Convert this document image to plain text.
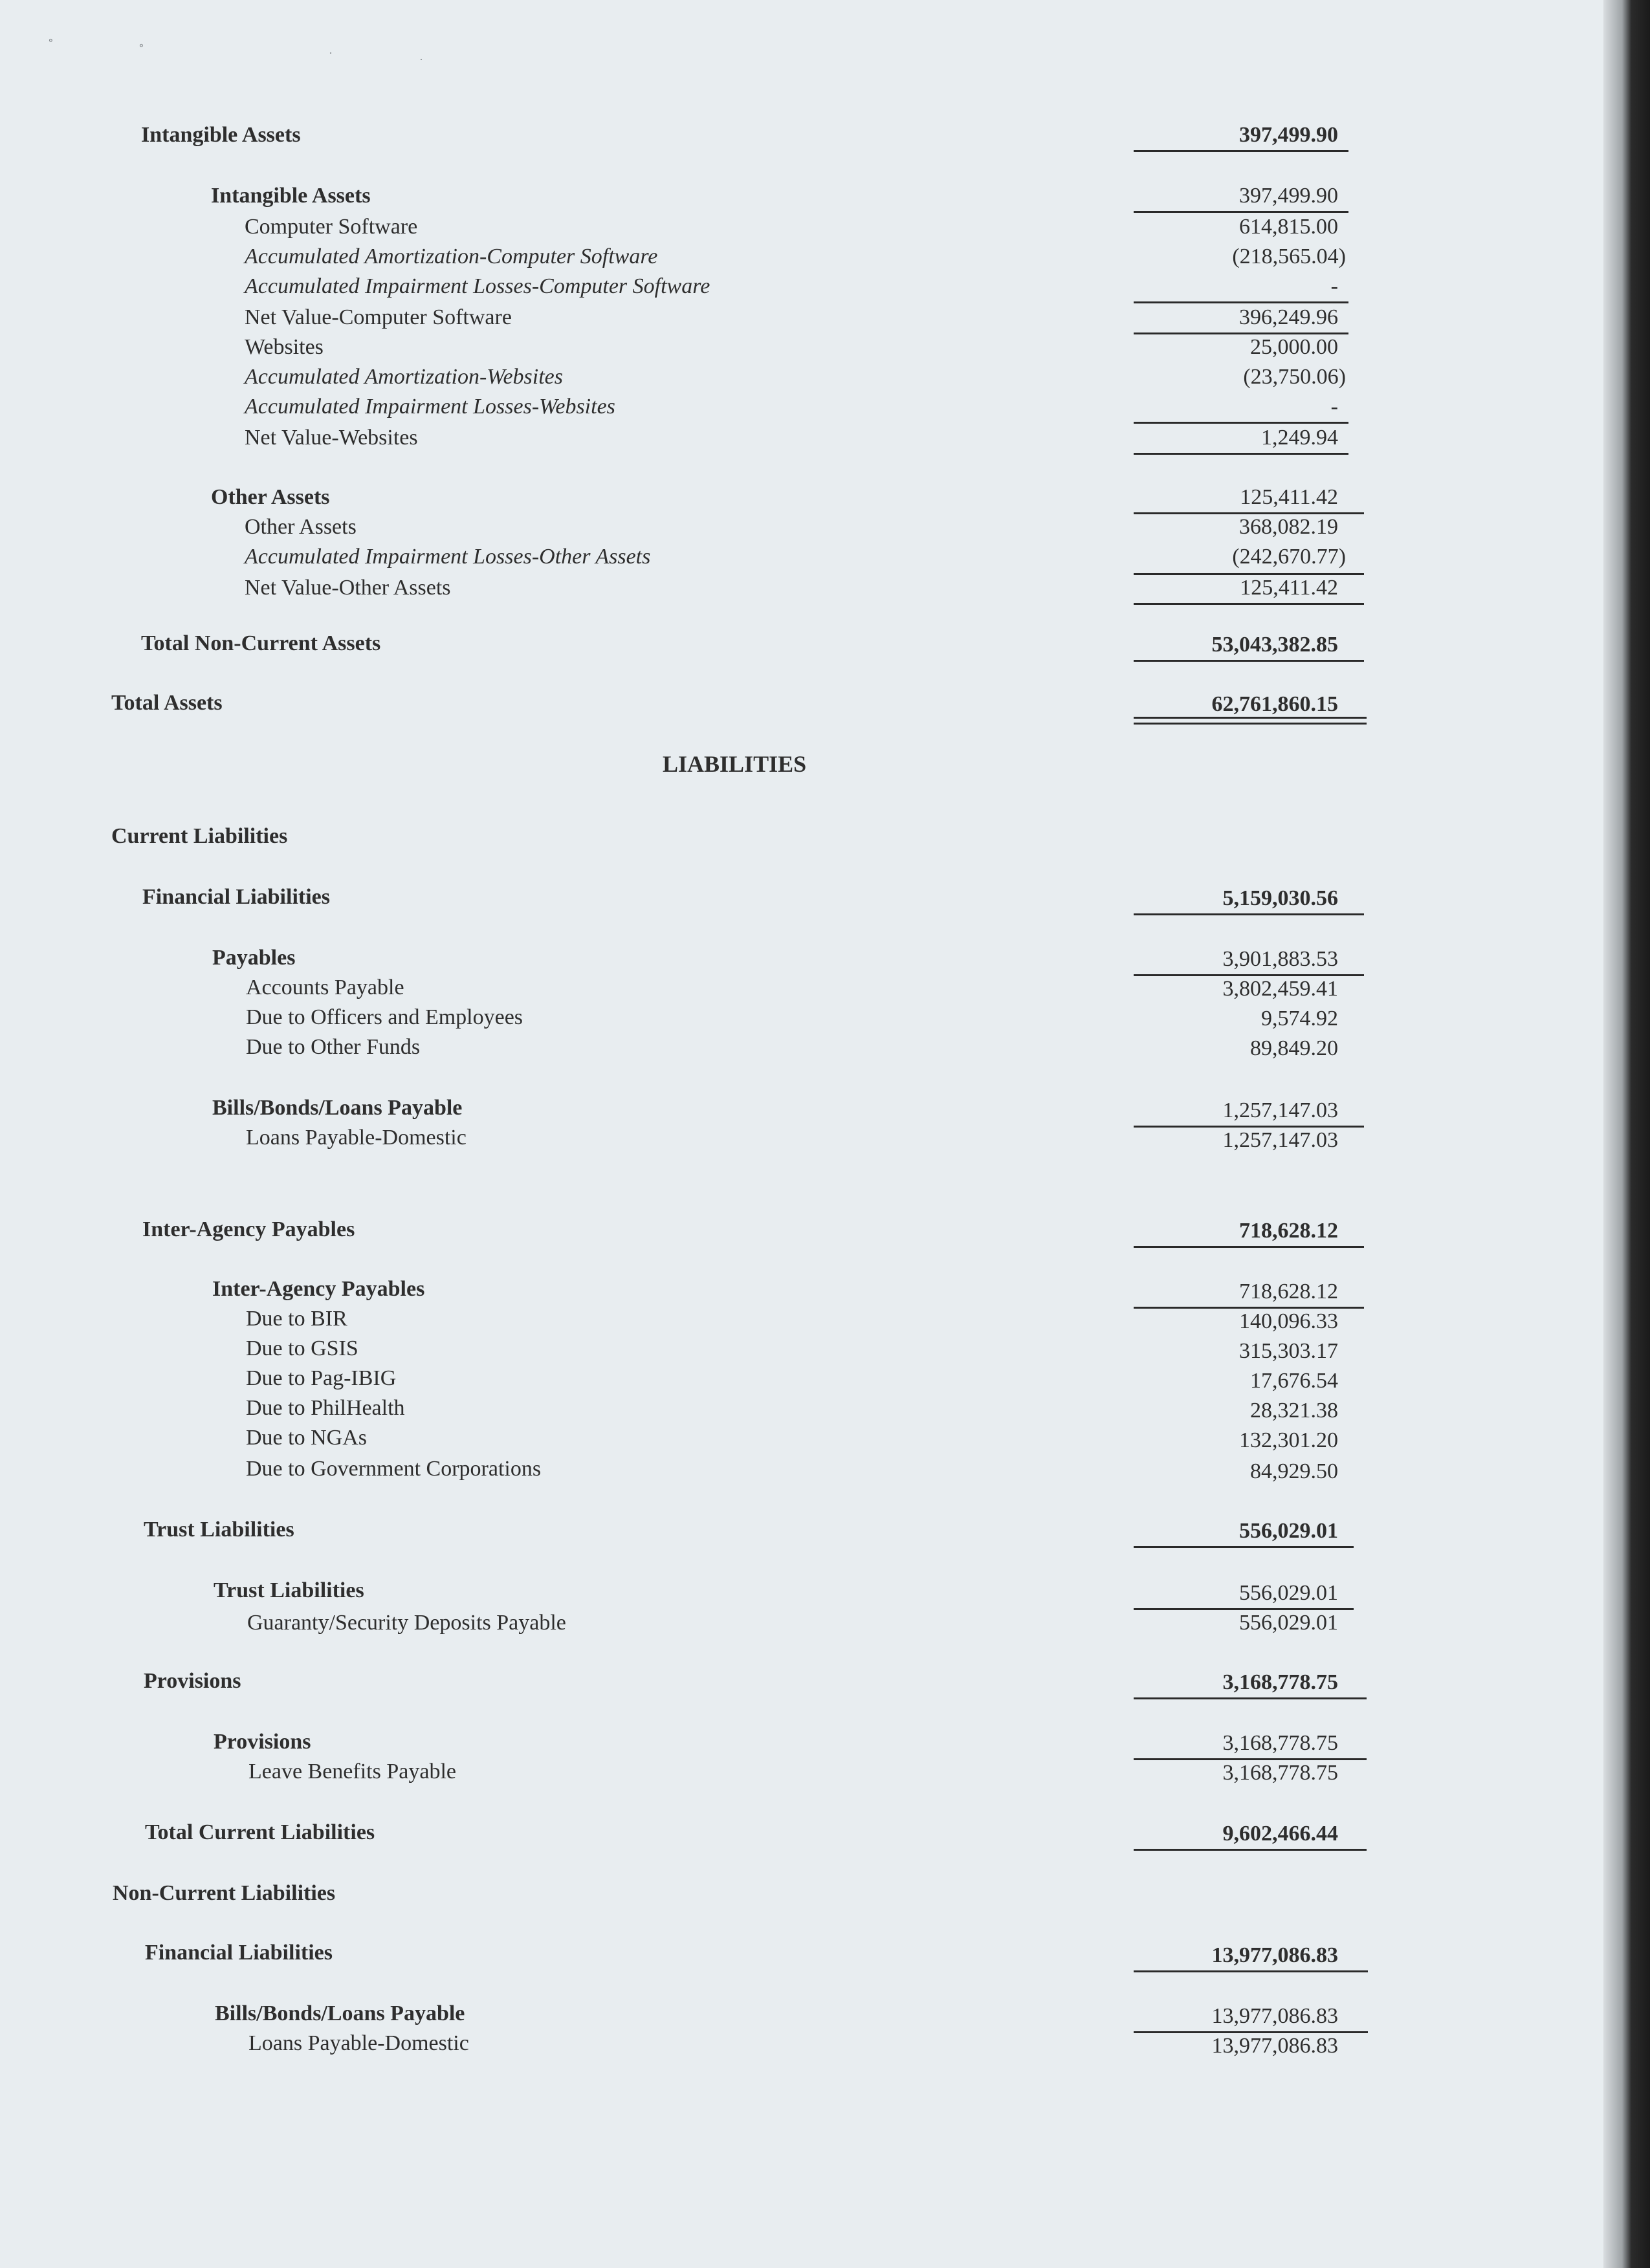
∘	∘
·	·
Intangible Assets	397,499.90
Intangible Assets	397,499.90
Computer Software	614,815.00
Accumulated Amortization-Computer Software	(218,565.04)
Accumulated Impairment Losses-Computer Software	-
Net Value-Computer Software	396,249.96
Websites	25,000.00
Accumulated Amortization-Websites	(23,750.06)
Accumulated Impairment Losses-Websites	-
Net Value-Websites	1,249.94
Other Assets	125,411.42
Other Assets	368,082.19
Accumulated Impairment Losses-Other Assets	(242,670.77)
Net Value-Other Assets	125,411.42
Total Non-Current Assets	53,043,382.85
Total Assets	62,761,860.15
LIABILITIES
Current Liabilities
Financial Liabilities	5,159,030.56
Payables	3,901,883.53
Accounts Payable	3,802,459.41
Due to Officers and Employees	9,574.92
Due to Other Funds	89,849.20
Bills/Bonds/Loans Payable	1,257,147.03
Loans Payable-Domestic	1,257,147.03
Inter-Agency Payables	718,628.12
Inter-Agency Payables	718,628.12
Due to BIR	140,096.33
Due to GSIS	315,303.17
Due to Pag-IBIG	17,676.54
Due to PhilHealth	28,321.38
Due to NGAs	132,301.20
Due to Government Corporations	84,929.50
Trust Liabilities	556,029.01
Trust Liabilities	556,029.01
Guaranty/Security Deposits Payable	556,029.01
Provisions	3,168,778.75
Provisions	3,168,778.75
Leave Benefits Payable	3,168,778.75
Total Current Liabilities	9,602,466.44
Non-Current Liabilities
Financial Liabilities	13,977,086.83
Bills/Bonds/Loans Payable	13,977,086.83
Loans Payable-Domestic	13,977,086.83
